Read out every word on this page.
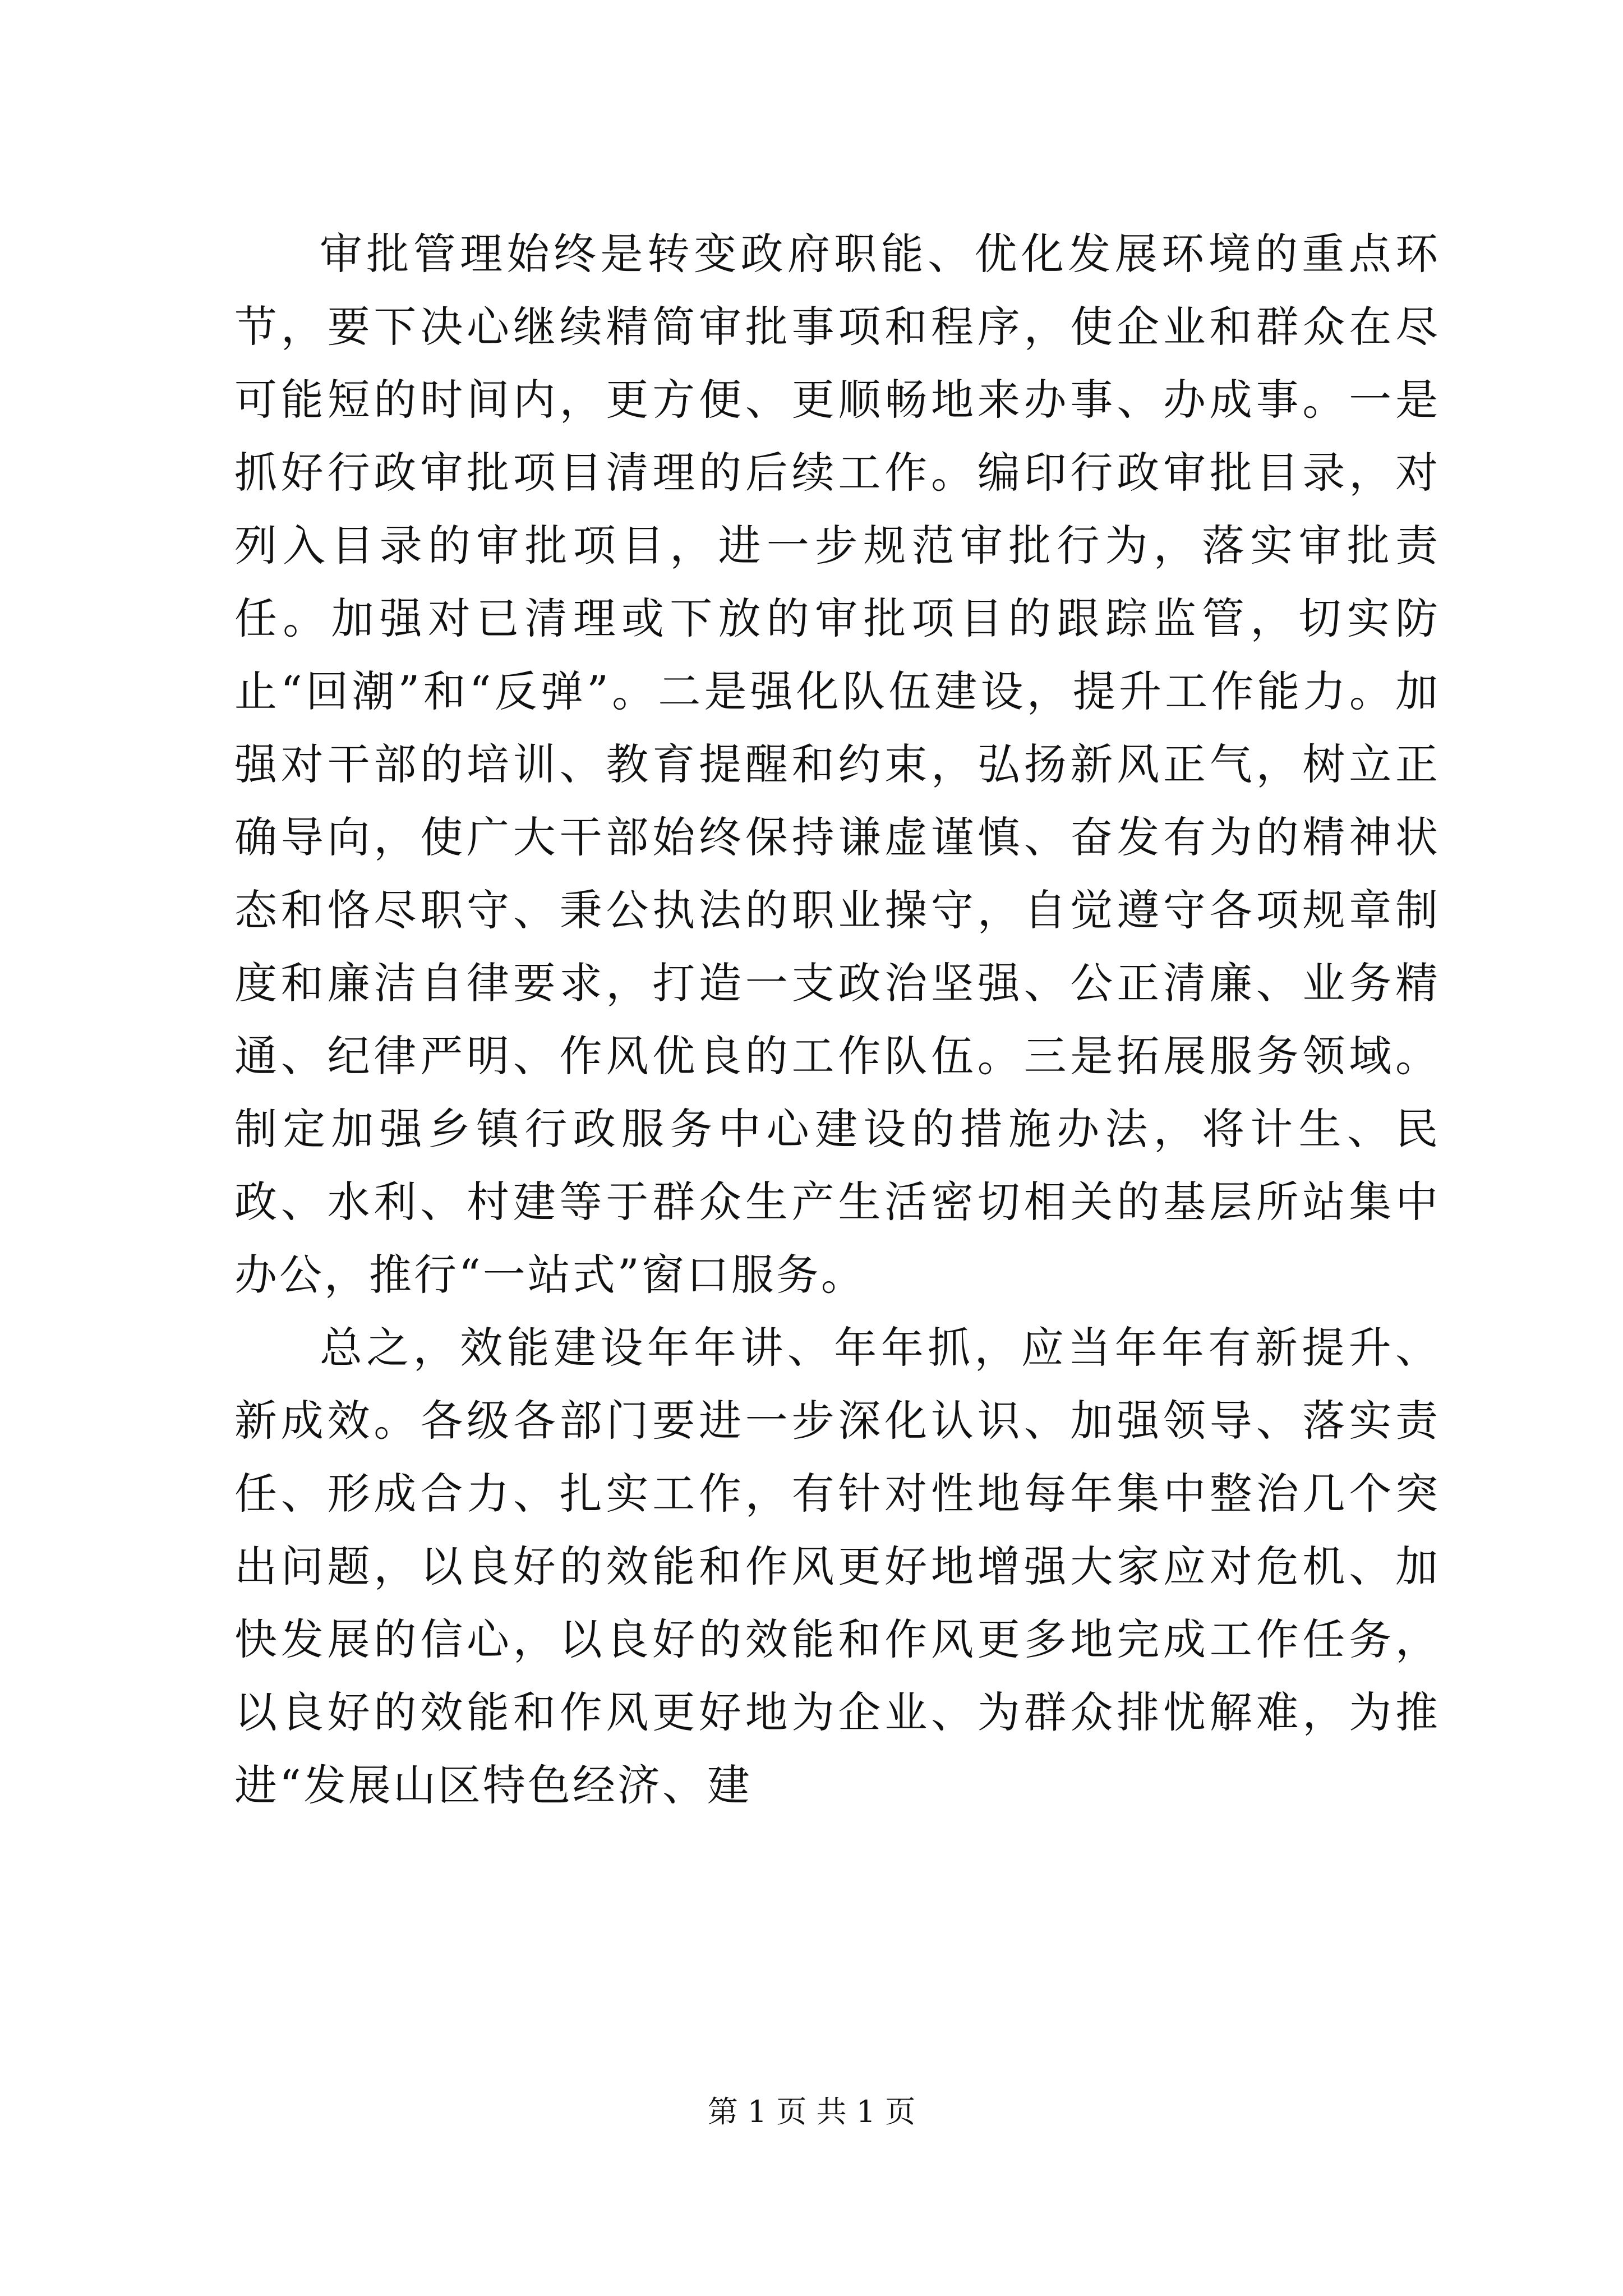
审批管理始终是转变政府职能、优化发展环境的重点环节，要下决心继续精简审批事项和程序，使企业和群众在尽可能短的时间内，更方便、更顺畅地来办事、办成事。一是抓好行政审批项目清理的后续工作。编印行政审批目录，对列入目录的审批项目，进一步规范审批行为，落实审批责任。加强对已清理或下放的审批项目的跟踪监管，切实防止“回潮”和“反弹”。二是强化队伍建设，提升工作能力。加强对干部的培训、教育提醒和约束，弘扬新风正气，树立正确导向，使广大干部始终保持谦虚谨慎、奋发有为的精神状态和恪尽职守、秉公执法的职业操守，自觉遵守各项规章制度和廉洁自律要求，打造一支政治坚强、公正清廉、业务精通、纪律严明、作风优良的工作队伍。三是拓展服务领域。制定加强乡镇行政服务中心建设的措施办法，将计生、民政、水利、村建等于群众生产生活密切相关的基层所站集中办公，推行“一站式”窗口服务。

总之，效能建设年年讲、年年抓，应当年年有新提升、新成效。各级各部门要进一步深化认识、加强领导、落实责任、形成合力、扎实工作，有针对性地每年集中整治几个突出问题，以良好的效能和作风更好地增强大家应对危机、加快发展的信心，以良好的效能和作风更多地完成工作任务，以良好的效能和作风更好地为企业、为群众排忧解难，为推进“发展山区特色经济、建

第 1 页 共 1 页
